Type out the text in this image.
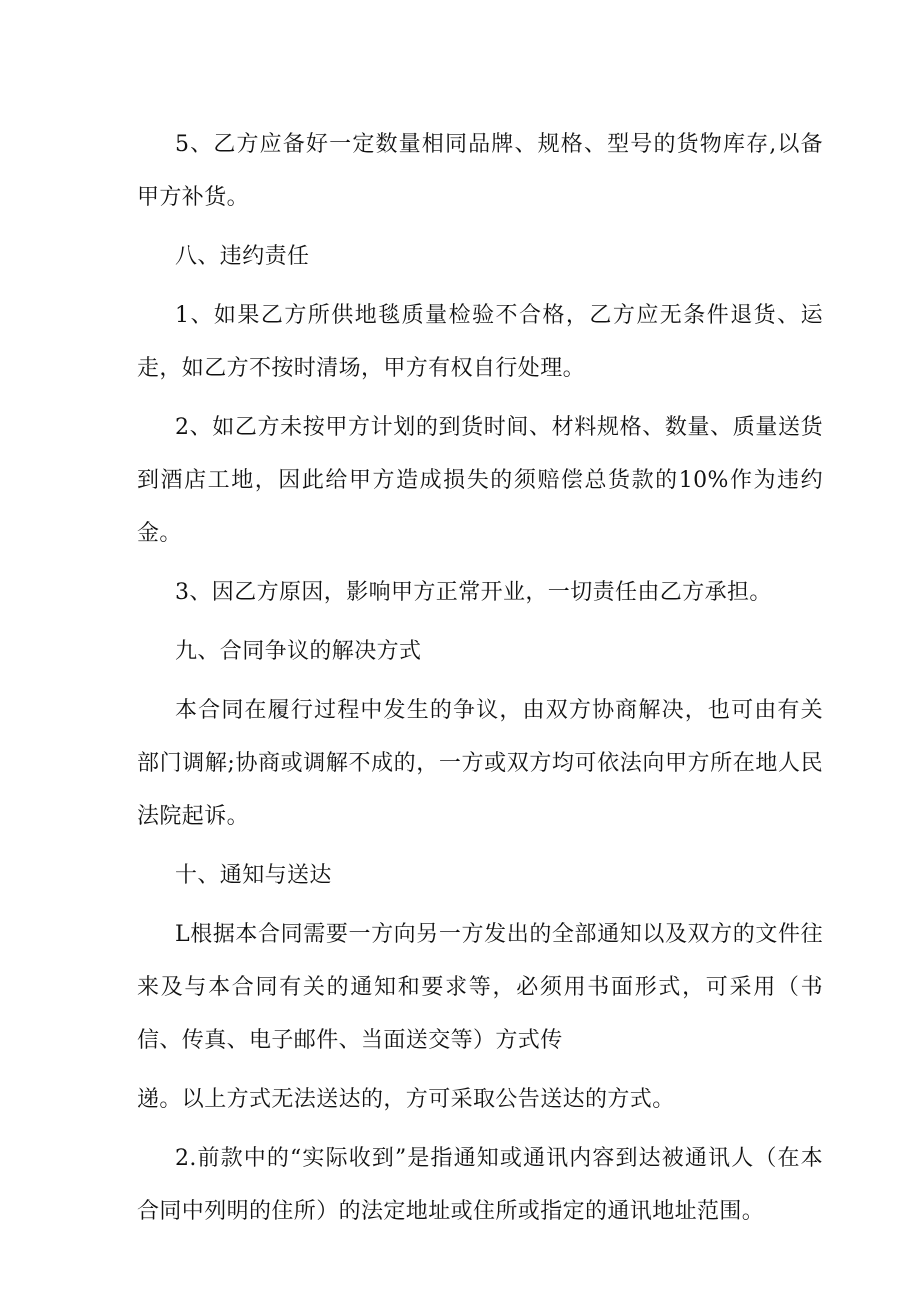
5、乙方应备好一定数量相同品牌、规格、型号的货物库存,以备甲方补货。

八、违约责任

1、如果乙方所供地毯质量检验不合格，乙方应无条件退货、运走，如乙方不按时清场，甲方有权自行处理。

2、如乙方未按甲方计划的到货时间、材料规格、数量、质量送货到酒店工地，因此给甲方造成损失的须赔偿总货款的10%作为违约金。

3、因乙方原因，影响甲方正常开业，一切责任由乙方承担。

九、合同争议的解决方式

本合同在履行过程中发生的争议，由双方协商解决，也可由有关部门调解;协商或调解不成的，一方或双方均可依法向甲方所在地人民法院起诉。

十、通知与送达

L根据本合同需要一方向另一方发出的全部通知以及双方的文件往来及与本合同有关的通知和要求等，必须用书面形式，可采用（书信、传真、电子邮件、当面送交等）方式传

递。以上方式无法送达的，方可采取公告送达的方式。

2.前款中的“实际收到”是指通知或通讯内容到达被通讯人（在本合同中列明的住所）的法定地址或住所或指定的通讯地址范围。
